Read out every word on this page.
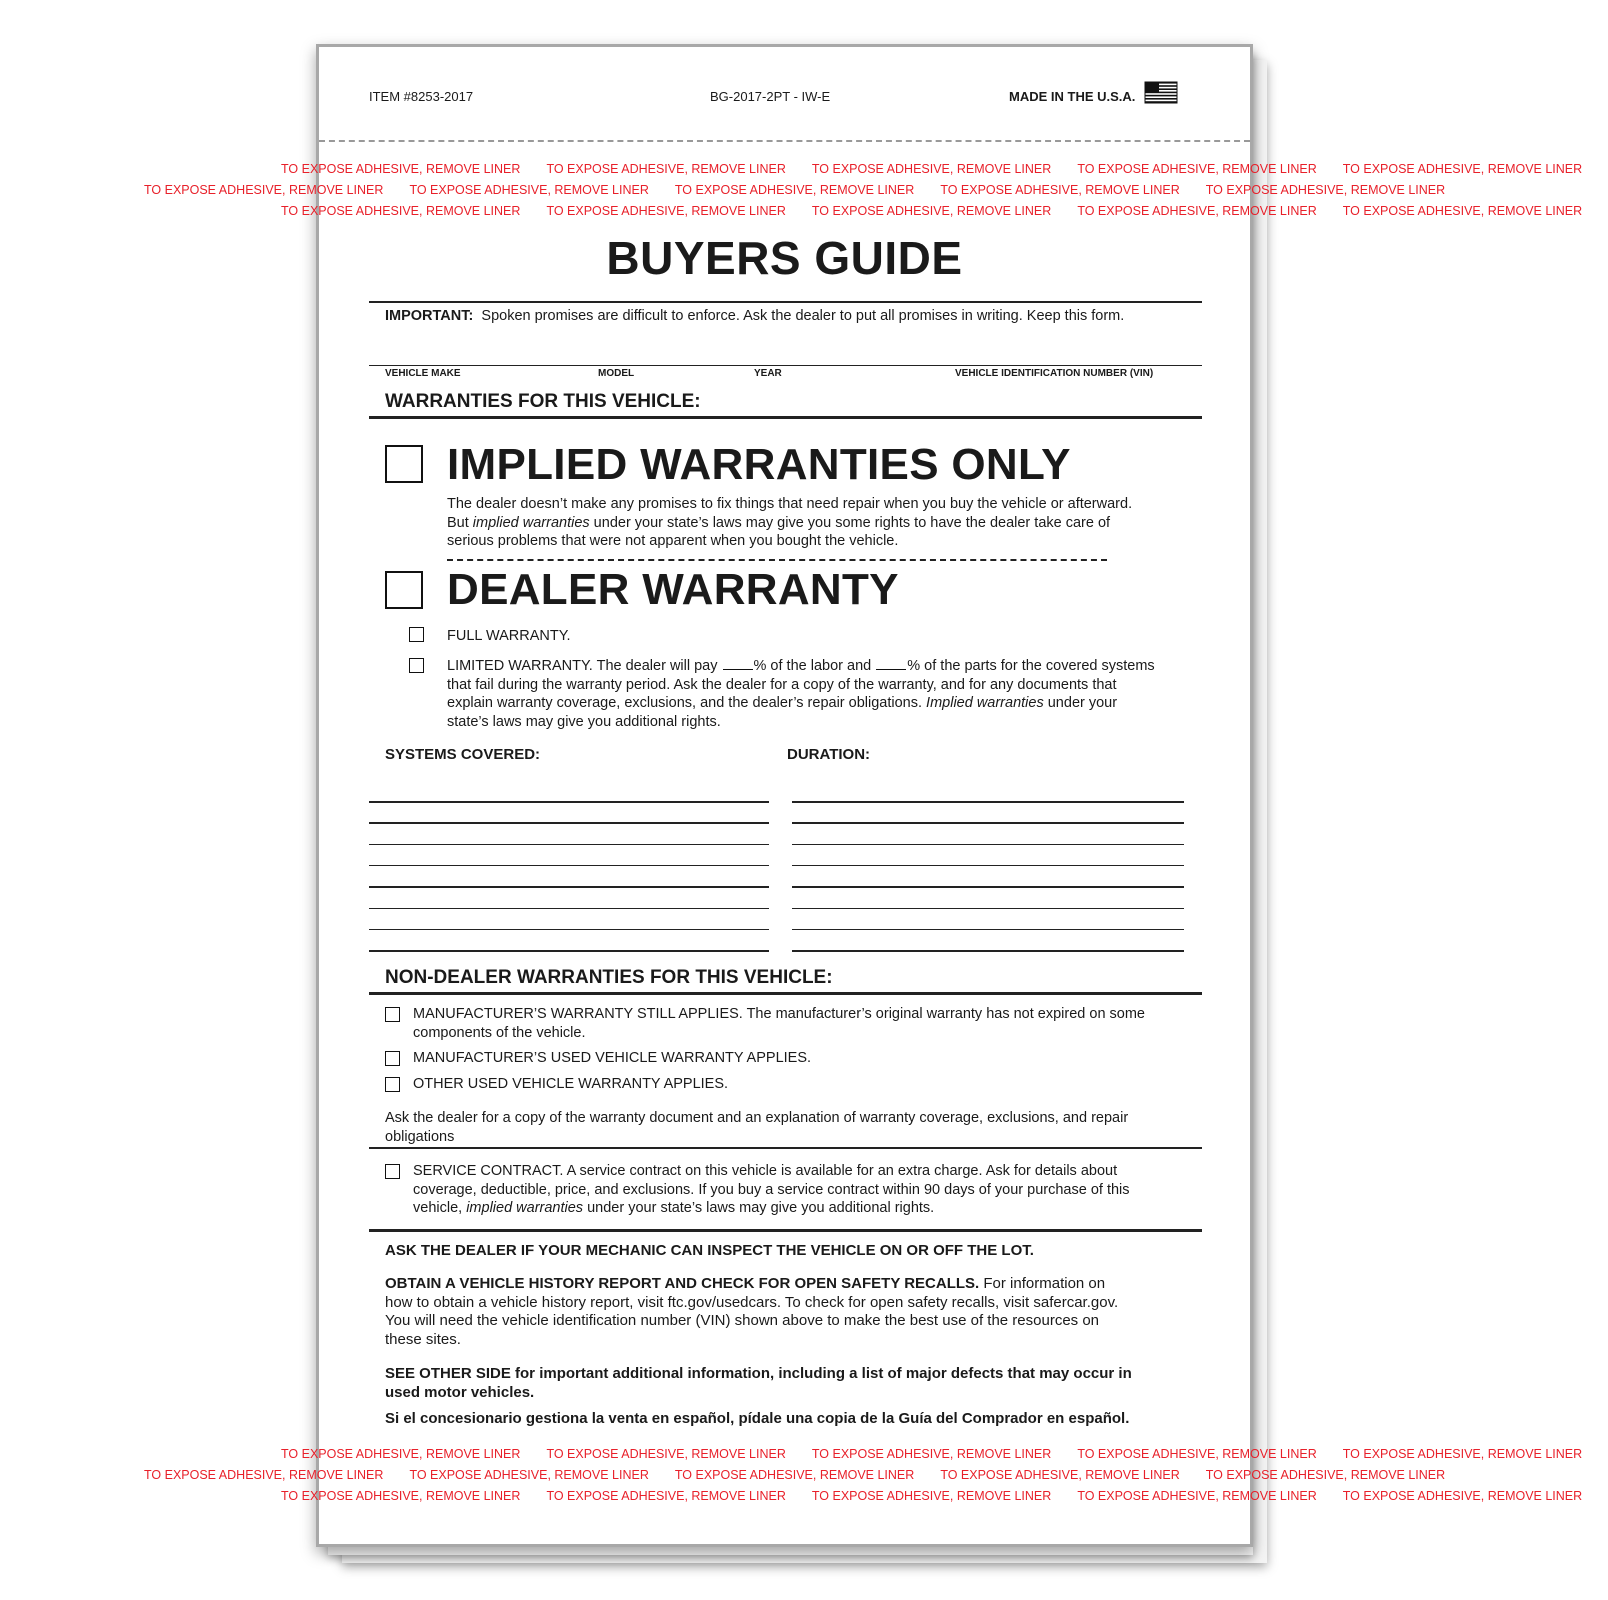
ITEM #8253-2017	BG-2017-2PT - IW-E	MADE IN THE U.S.A.
TO EXPOSE ADHESIVE, REMOVE LINER TO EXPOSE ADHESIVE, REMOVE LINER TO EXPOSE ADHESIVE, REMOVE LINER TO EXPOSE ADHESIVE, REMOVE LINER TO EXPOSE ADHESIVE, REMOVE LINER
TO EXPOSE ADHESIVE, REMOVE LINER TO EXPOSE ADHESIVE, REMOVE LINER TO EXPOSE ADHESIVE, REMOVE LINER TO EXPOSE ADHESIVE, REMOVE LINER TO EXPOSE ADHESIVE, REMOVE LINER
TO EXPOSE ADHESIVE, REMOVE LINER TO EXPOSE ADHESIVE, REMOVE LINER TO EXPOSE ADHESIVE, REMOVE LINER TO EXPOSE ADHESIVE, REMOVE LINER TO EXPOSE ADHESIVE, REMOVE LINER
BUYERS GUIDE
IMPORTANT: Spoken promises are difficult to enforce. Ask the dealer to put all promises in writing. Keep this form.
VEHICLE MAKE	MODEL	YEAR	VEHICLE IDENTIFICATION NUMBER (VIN)
WARRANTIES FOR THIS VEHICLE:
IMPLIED WARRANTIES ONLY
The dealer doesn’t make any promises to fix things that need repair when you buy the vehicle or afterward.
But implied warranties under your state’s laws may give you some rights to have the dealer take care of
serious problems that were not apparent when you bought the vehicle.
DEALER WARRANTY
FULL WARRANTY.
LIMITED WARRANTY. The dealer will pay % of the labor and % of the parts for the covered systems
that fail during the warranty period. Ask the dealer for a copy of the warranty, and for any documents that
explain warranty coverage, exclusions, and the dealer’s repair obligations. Implied warranties under your
state’s laws may give you additional rights.
SYSTEMS COVERED:	DURATION:
NON-DEALER WARRANTIES FOR THIS VEHICLE:
MANUFACTURER’S WARRANTY STILL APPLIES. The manufacturer’s original warranty has not expired on some
components of the vehicle.
MANUFACTURER’S USED VEHICLE WARRANTY APPLIES.
OTHER USED VEHICLE WARRANTY APPLIES.
Ask the dealer for a copy of the warranty document and an explanation of warranty coverage, exclusions, and repair
obligations
SERVICE CONTRACT. A service contract on this vehicle is available for an extra charge. Ask for details about
coverage, deductible, price, and exclusions. If you buy a service contract within 90 days of your purchase of this
vehicle, implied warranties under your state’s laws may give you additional rights.
ASK THE DEALER IF YOUR MECHANIC CAN INSPECT THE VEHICLE ON OR OFF THE LOT.
OBTAIN A VEHICLE HISTORY REPORT AND CHECK FOR OPEN SAFETY RECALLS. For information on
how to obtain a vehicle history report, visit ftc.gov/usedcars. To check for open safety recalls, visit safercar.gov.
You will need the vehicle identification number (VIN) shown above to make the best use of the resources on
these sites.
SEE OTHER SIDE for important additional information, including a list of major defects that may occur in
used motor vehicles.
Si el concesionario gestiona la venta en español, pídale una copia de la Guía del Comprador en español.
TO EXPOSE ADHESIVE, REMOVE LINER TO EXPOSE ADHESIVE, REMOVE LINER TO EXPOSE ADHESIVE, REMOVE LINER TO EXPOSE ADHESIVE, REMOVE LINER TO EXPOSE ADHESIVE, REMOVE LINER
TO EXPOSE ADHESIVE, REMOVE LINER TO EXPOSE ADHESIVE, REMOVE LINER TO EXPOSE ADHESIVE, REMOVE LINER TO EXPOSE ADHESIVE, REMOVE LINER TO EXPOSE ADHESIVE, REMOVE LINER
TO EXPOSE ADHESIVE, REMOVE LINER TO EXPOSE ADHESIVE, REMOVE LINER TO EXPOSE ADHESIVE, REMOVE LINER TO EXPOSE ADHESIVE, REMOVE LINER TO EXPOSE ADHESIVE, REMOVE LINER
